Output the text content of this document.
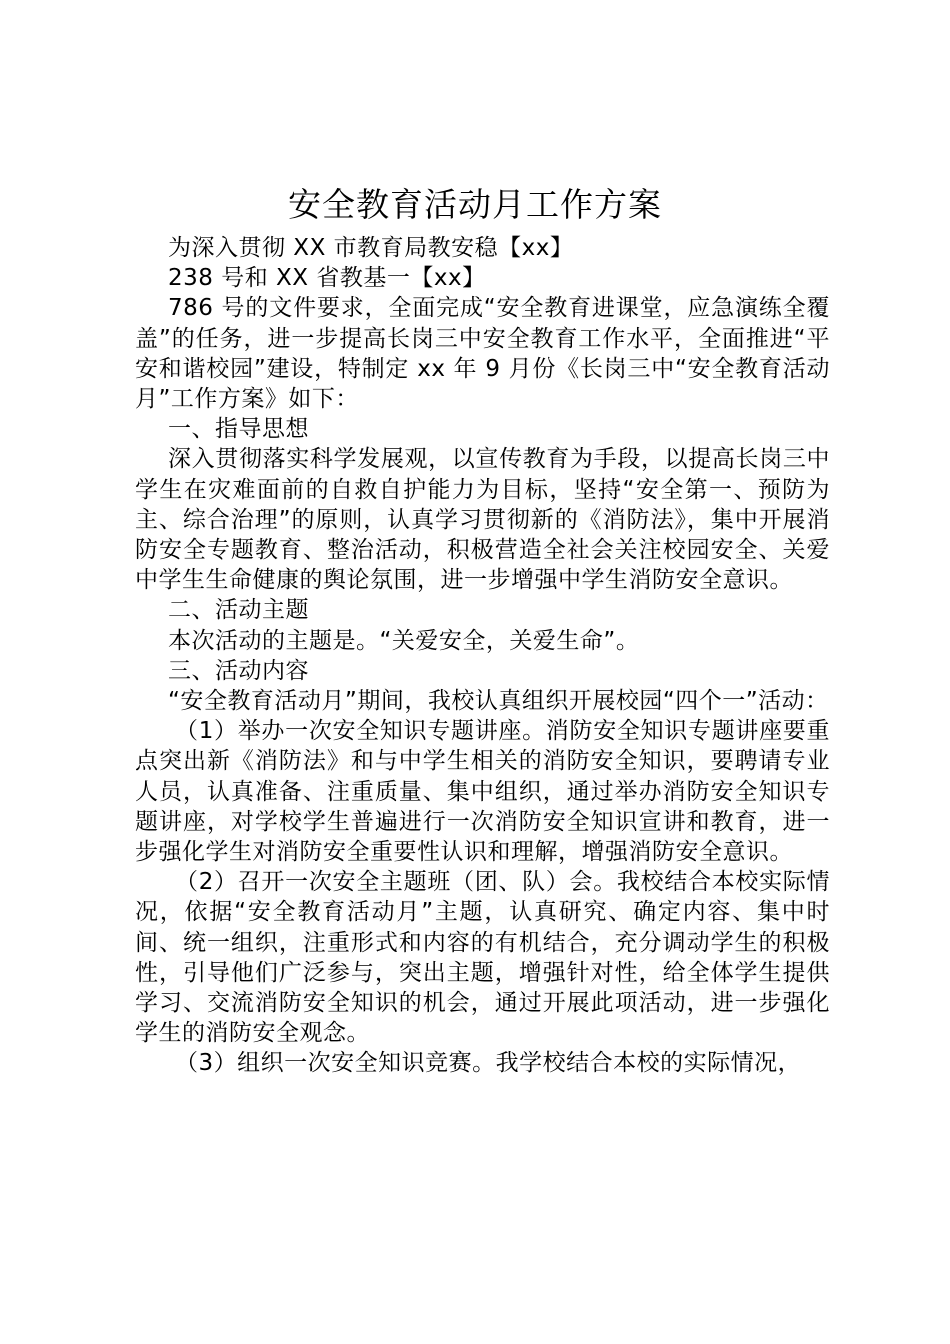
安全教育活动月工作方案

为深入贯彻 XX 市教育局教安稳【xx】

238 号和 XX 省教基一【xx】

786 号的文件要求，全面完成“安全教育进课堂，应急演练全覆盖”的任务，进一步提高长岗三中安全教育工作水平，全面推进“平安和谐校园”建设，特制定 xx 年 9 月份《长岗三中“安全教育活动月”工作方案》如下：

一、指导思想

深入贯彻落实科学发展观，以宣传教育为手段，以提高长岗三中学生在灾难面前的自救自护能力为目标，坚持“安全第一、预防为主、综合治理”的原则，认真学习贯彻新的《消防法》，集中开展消防安全专题教育、整治活动，积极营造全社会关注校园安全、关爱中学生生命健康的舆论氛围，进一步增强中学生消防安全意识。

二、活动主题

本次活动的主题是。“关爱安全，关爱生命”。

三、活动内容

“安全教育活动月”期间，我校认真组织开展校园“四个一”活动：

（1）举办一次安全知识专题讲座。消防安全知识专题讲座要重点突出新《消防法》和与中学生相关的消防安全知识，要聘请专业人员，认真准备、注重质量、集中组织，通过举办消防安全知识专题讲座，对学校学生普遍进行一次消防安全知识宣讲和教育，进一步强化学生对消防安全重要性认识和理解，增强消防安全意识。

（2）召开一次安全主题班（团、队）会。我校结合本校实际情况，依据“安全教育活动月”主题，认真研究、确定内容、集中时间、统一组织，注重形式和内容的有机结合，充分调动学生的积极性，引导他们广泛参与，突出主题，增强针对性，给全体学生提供学习、交流消防安全知识的机会，通过开展此项活动，进一步强化学生的消防安全观念。

（3）组织一次安全知识竞赛。我学校结合本校的实际情况，
